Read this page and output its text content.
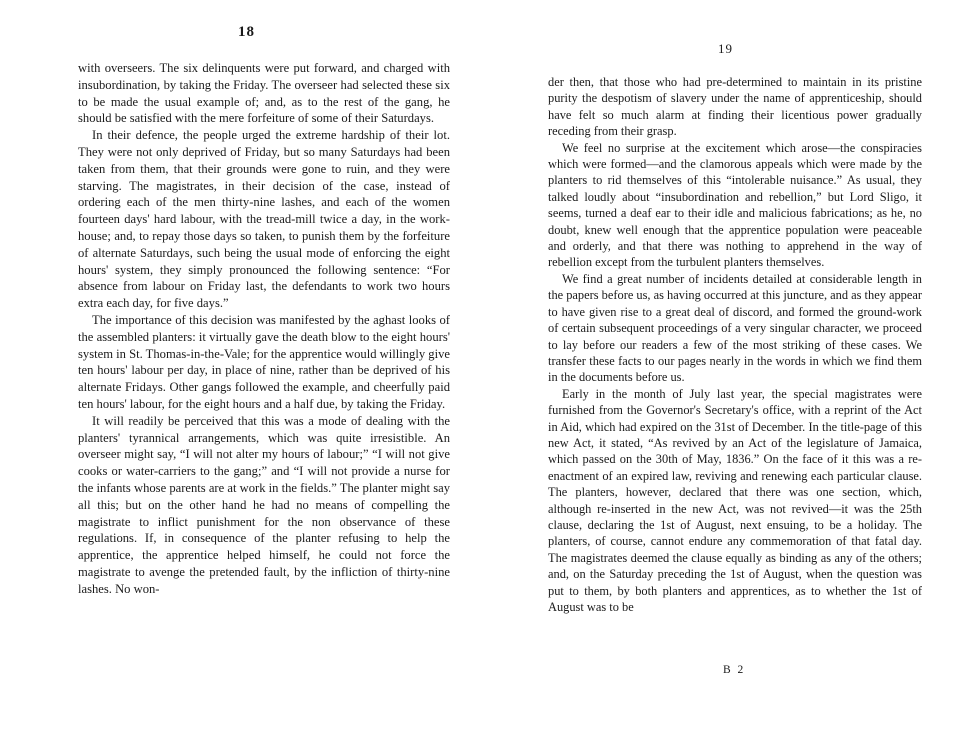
18

with overseers. The six delinquents were put forward, and charged with insubordination, by taking the Friday. The overseer had selected these six to be made the usual example of; and, as to the rest of the gang, he should be satisfied with the mere forfeiture of some of their Saturdays.

In their defence, the people urged the extreme hardship of their lot. They were not only deprived of Friday, but so many Saturdays had been taken from them, that their grounds were gone to ruin, and they were starving. The magistrates, in their decision of the case, instead of ordering each of the men thirty-nine lashes, and each of the women fourteen days' hard labour, with the tread-mill twice a day, in the work-house; and, to repay those days so taken, to punish them by the forfeiture of alternate Saturdays, such being the usual mode of enforcing the eight hours' system, they simply pronounced the following sentence: “For absence from labour on Friday last, the defendants to work two hours extra each day, for five days.”

The importance of this decision was manifested by the aghast looks of the assembled planters: it virtually gave the death blow to the eight hours' system in St. Thomas-in-the-Vale; for the apprentice would willingly give ten hours' labour per day, in place of nine, rather than be deprived of his alternate Fridays. Other gangs followed the example, and cheerfully paid ten hours' labour, for the eight hours and a half due, by taking the Friday.

It will readily be perceived that this was a mode of dealing with the planters' tyrannical arrangements, which was quite irresistible. An overseer might say, “I will not alter my hours of labour;” “I will not give cooks or water-carriers to the gang;” and “I will not provide a nurse for the infants whose parents are at work in the fields.” The planter might say all this; but on the other hand he had no means of compelling the magistrate to inflict punishment for the non observance of these regulations. If, in consequence of the planter refusing to help the apprentice, the apprentice helped himself, he could not force the magistrate to avenge the pretended fault, by the infliction of thirty-nine lashes. No won-

19

der then, that those who had pre-determined to maintain in its pristine purity the despotism of slavery under the name of apprenticeship, should have felt so much alarm at finding their licentious power gradually receding from their grasp.

We feel no surprise at the excitement which arose—the conspiracies which were formed—and the clamorous appeals which were made by the planters to rid themselves of this “intolerable nuisance.” As usual, they talked loudly about “insubordination and rebellion,” but Lord Sligo, it seems, turned a deaf ear to their idle and malicious fabrications; as he, no doubt, knew well enough that the apprentice population were peaceable and orderly, and that there was nothing to apprehend in the way of rebellion except from the turbulent planters themselves.

We find a great number of incidents detailed at considerable length in the papers before us, as having occurred at this juncture, and as they appear to have given rise to a great deal of discord, and formed the ground-work of certain subsequent proceedings of a very singular character, we proceed to lay before our readers a few of the most striking of these cases. We transfer these facts to our pages nearly in the words in which we find them in the documents before us.

Early in the month of July last year, the special magistrates were furnished from the Governor's Secretary's office, with a reprint of the Act in Aid, which had expired on the 31st of December. In the title-page of this new Act, it stated, “As revived by an Act of the legislature of Jamaica, which passed on the 30th of May, 1836.” On the face of it this was a re-enactment of an expired law, reviving and renewing each particular clause. The planters, however, declared that there was one section, which, although re-inserted in the new Act, was not revived—it was the 25th clause, declaring the 1st of August, next ensuing, to be a holiday. The planters, of course, cannot endure any commemoration of that fatal day. The magistrates deemed the clause equally as binding as any of the others; and, on the Saturday preceding the 1st of August, when the question was put to them, by both planters and apprentices, as to whether the 1st of August was to be

B 2
